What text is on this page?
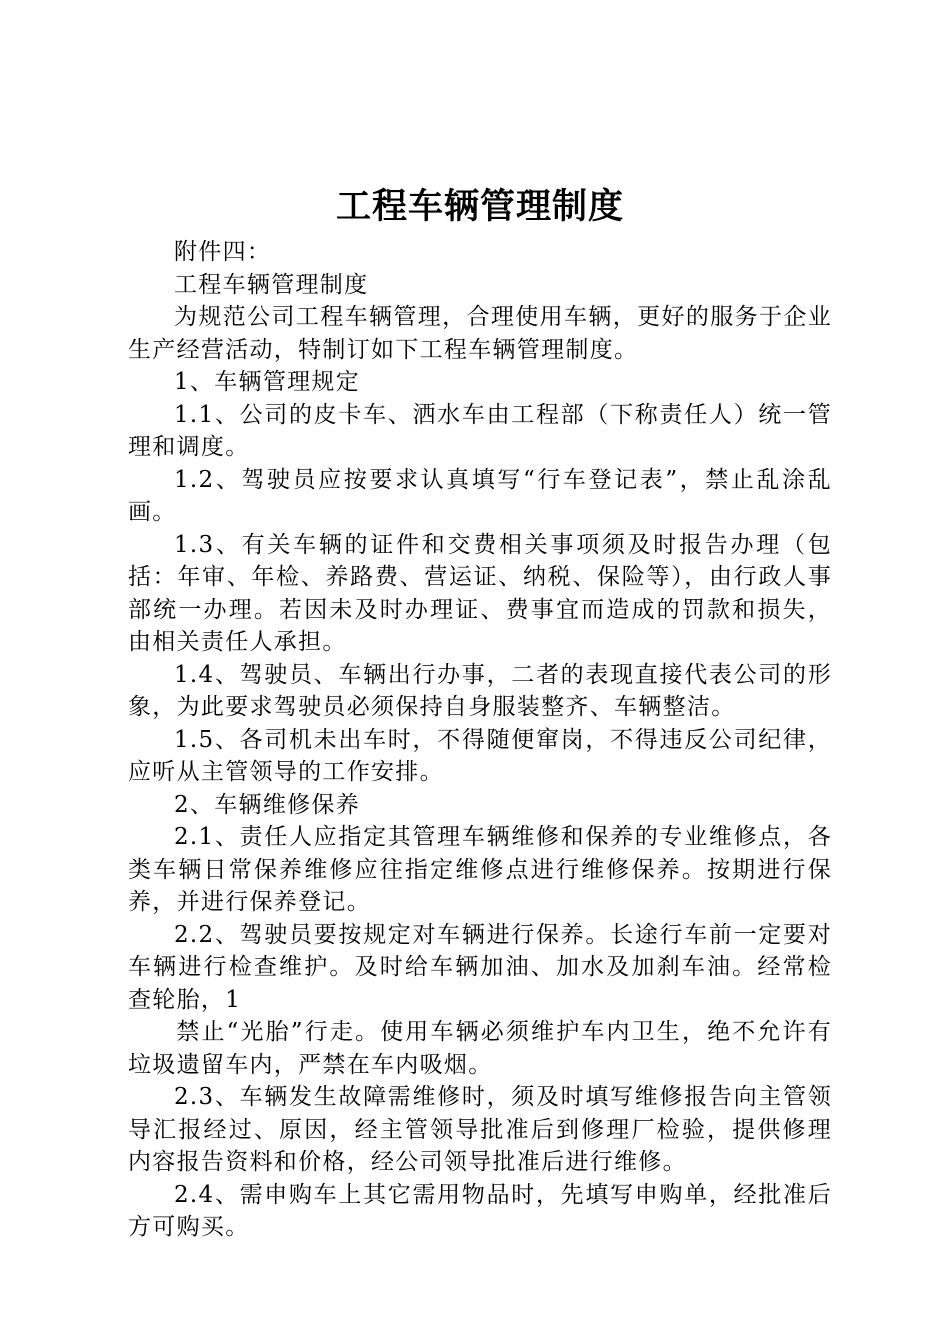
工程车辆管理制度

附件四：

工程车辆管理制度

为规范公司工程车辆管理，合理使用车辆，更好的服务于企业生产经营活动，特制订如下工程车辆管理制度。

1、车辆管理规定

1.1、公司的皮卡车、洒水车由工程部（下称责任人）统一管理和调度。

1.2、驾驶员应按要求认真填写“行车登记表”，禁止乱涂乱画。

1.3、有关车辆的证件和交费相关事项须及时报告办理（包括：年审、年检、养路费、营运证、纳税、保险等），由行政人事部统一办理。若因未及时办理证、费事宜而造成的罚款和损失，由相关责任人承担。

1.4、驾驶员、车辆出行办事，二者的表现直接代表公司的形象，为此要求驾驶员必须保持自身服装整齐、车辆整洁。

1.5、各司机未出车时，不得随便窜岗，不得违反公司纪律，应听从主管领导的工作安排。

2、车辆维修保养

2.1、责任人应指定其管理车辆维修和保养的专业维修点，各类车辆日常保养维修应往指定维修点进行维修保养。按期进行保养，并进行保养登记。

2.2、驾驶员要按规定对车辆进行保养。长途行车前一定要对车辆进行检查维护。及时给车辆加油、加水及加刹车油。经常检查轮胎，1

禁止“光胎”行走。使用车辆必须维护车内卫生，绝不允许有垃圾遗留车内，严禁在车内吸烟。

2.3、车辆发生故障需维修时，须及时填写维修报告向主管领导汇报经过、原因，经主管领导批准后到修理厂检验，提供修理内容报告资料和价格，经公司领导批准后进行维修。

2.4、需申购车上其它需用物品时，先填写申购单，经批准后方可购买。
